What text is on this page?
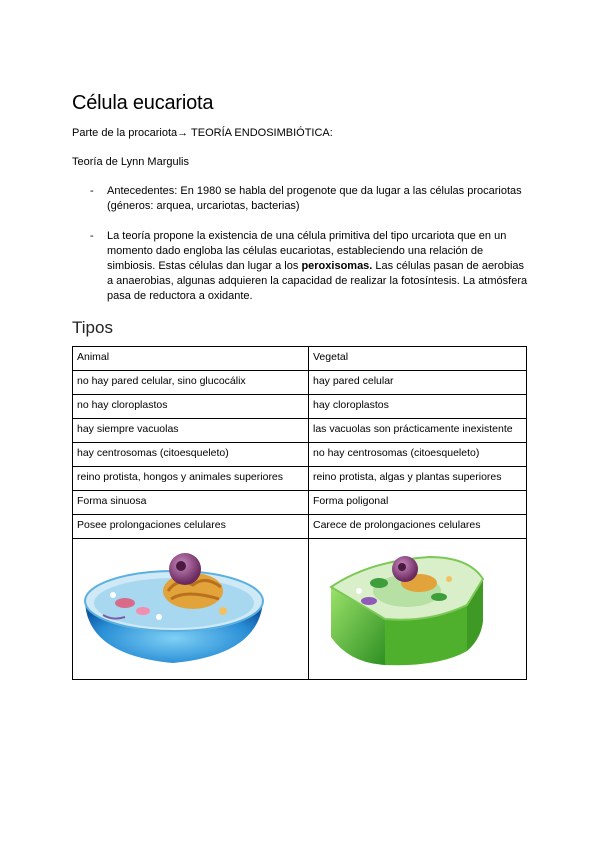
Célula eucariota
Parte de la procariota→ TEORÍA ENDOSIMBIÓTICA:
Teoría de Lynn Margulis
- Antecedentes: En 1980 se habla del progenote que da lugar a las células procariotas (géneros: arquea, urcariotas, bacterias)
- La teoría propone la existencia de una célula primitiva del tipo urcariota que en un momento dado engloba las células eucariotas, estableciendo una relación de simbiosis. Estas células dan lugar a los peroxisomas. Las células pasan de aerobias a anaerobias, algunas adquieren la capacidad de realizar la fotosíntesis. La atmósfera pasa de reductora a oxidante.
Tipos
Animal	Vegetal
no hay pared celular, sino glucocálix	hay pared celular
no hay cloroplastos	hay cloroplastos
hay siempre vacuolas	las vacuolas son prácticamente inexistente
hay centrosomas (citoesqueleto)	no hay centrosomas (citoesqueleto)
reino protista, hongos y animales superiores	reino protista, algas y plantas superiores
Forma sinuosa	Forma poligonal
Posee prolongaciones celulares	Carece de prolongaciones celulares
